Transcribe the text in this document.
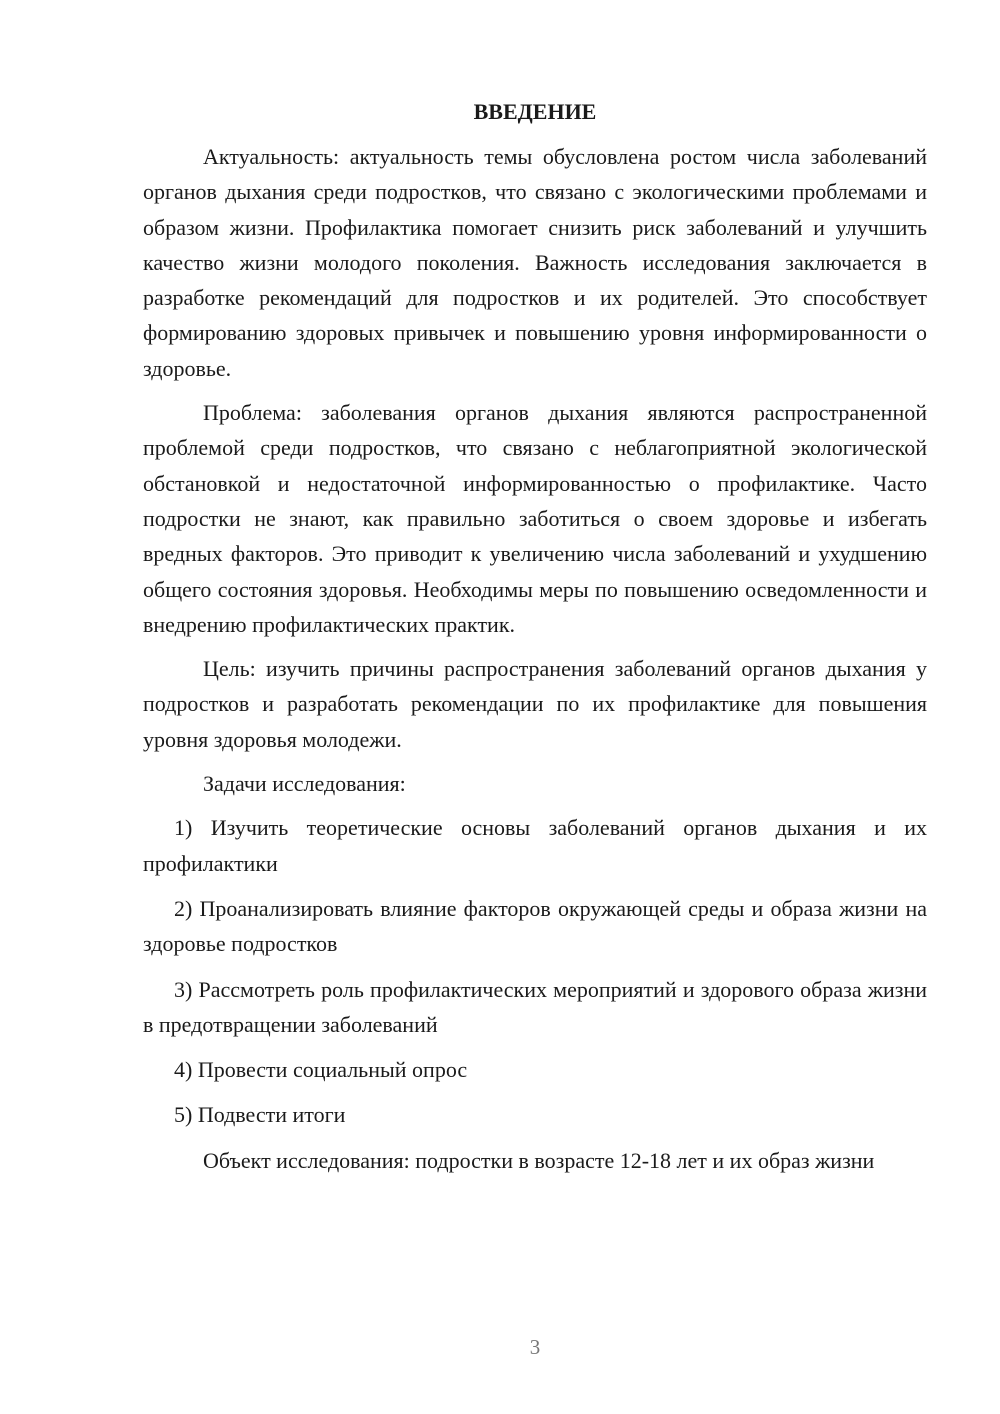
ВВЕДЕНИЕ

Актуальность: актуальность темы обусловлена ростом числа заболеваний органов дыхания среди подростков, что связано с экологическими проблемами и образом жизни. Профилактика помогает снизить риск заболеваний и улучшить качество жизни молодого поколения. Важность исследования заключается в разработке рекомендаций для подростков и их родителей. Это способствует формированию здоровых привычек и повышению уровня информированности о здоровье.

Проблема: заболевания органов дыхания являются распространенной проблемой среди подростков, что связано с неблагоприятной экологической обстановкой и недостаточной информированностью о профилактике. Часто подростки не знают, как правильно заботиться о своем здоровье и избегать вредных факторов. Это приводит к увеличению числа заболеваний и ухудшению общего состояния здоровья. Необходимы меры по повышению осведомленности и внедрению профилактических практик.

Цель: изучить причины распространения заболеваний органов дыхания у подростков и разработать рекомендации по их профилактике для повышения уровня здоровья молодежи.

Задачи исследования:

1) Изучить теоретические основы заболеваний органов дыхания и их профилактики

2) Проанализировать влияние факторов окружающей среды и образа жизни на здоровье подростков

3) Рассмотреть роль профилактических мероприятий и здорового образа жизни в предотвращении заболеваний

4) Провести социальный опрос

5) Подвести итоги

Объект исследования: подростки в возрасте 12-18 лет и их образ жизни

3
